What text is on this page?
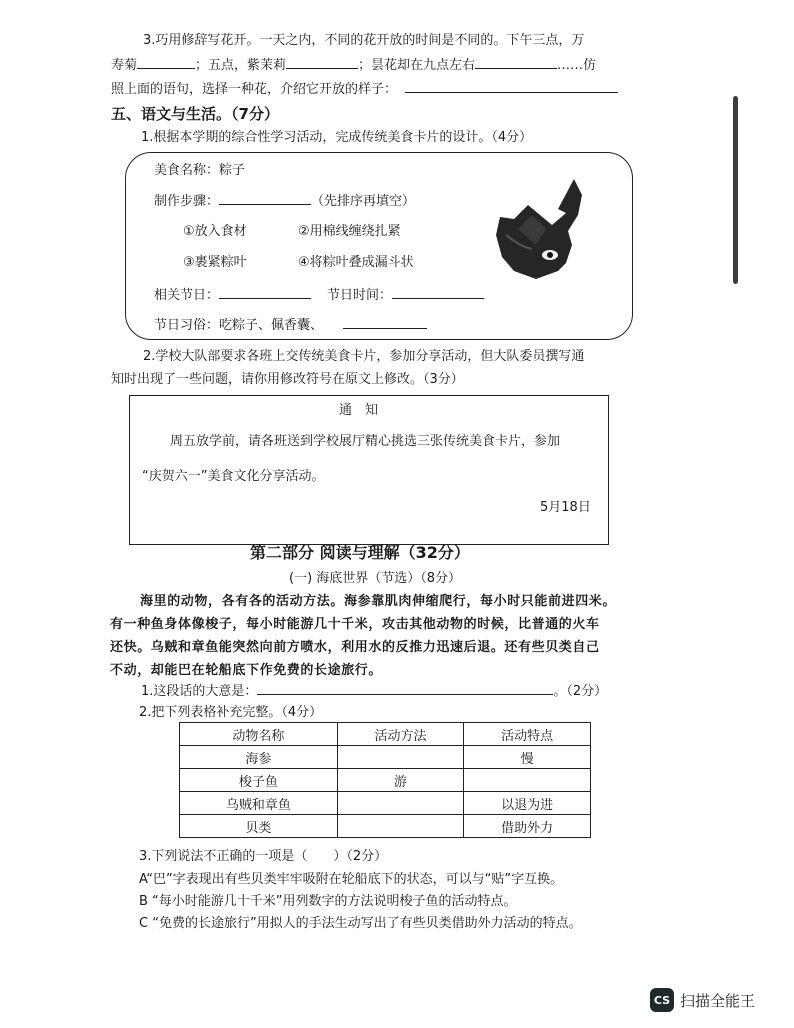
3.巧用修辞写花开。一天之内，不同的花开放的时间是不同的。下午三点，万
寿菊	；五点，紫茉莉	；昙花却在九点左右	……仿
照上面的语句，选择一种花，介绍它开放的样子：
五、语文与生活。（7分）
1.根据本学期的综合性学习活动，完成传统美食卡片的设计。（4分）
美食名称：粽子
制作步骤：	（先排序再填空）
①放入食材	②用棉线缠绕扎紧
③裹紧粽叶	④将粽叶叠成漏斗状
相关节日：	节日时间：
节日习俗：吃粽子、佩香囊、
2.学校大队部要求各班上交传统美食卡片，参加分享活动，但大队委员撰写通
知时出现了一些问题，请你用修改符号在原文上修改。（3分）
通　知
周五放学前，请各班送到学校展厅精心挑选三张传统美食卡片，参加
“庆贺六一”美食文化分享活动。
5月18日
第二部分 阅读与理解（32分）
(一) 海底世界（节选）（8分）
海里的动物，各有各的活动方法。海参靠肌肉伸缩爬行，每小时只能前进四米。
有一种鱼身体像梭子，每小时能游几十千米，攻击其他动物的时候，比普通的火车
还快。乌贼和章鱼能突然向前方喷水，利用水的反推力迅速后退。还有些贝类自己
不动，却能巴在轮船底下作免费的长途旅行。
1.这段话的大意是：	。（2分）
2.把下列表格补充完整。（4分）
动物名称	活动方法	活动特点
海参		慢
梭子鱼	游	
乌贼和章鱼		以退为进
贝类		借助外力
3.下列说法不正确的一项是（　　）（2分）
A“巴”字表现出有些贝类牢牢吸附在轮船底下的状态，可以与“贴”字互换。
B “每小时能游几十千米”用列数字的方法说明梭子鱼的活动特点。
C “免费的长途旅行”用拟人的手法生动写出了有些贝类借助外力活动的特点。
CS 扫描全能王
